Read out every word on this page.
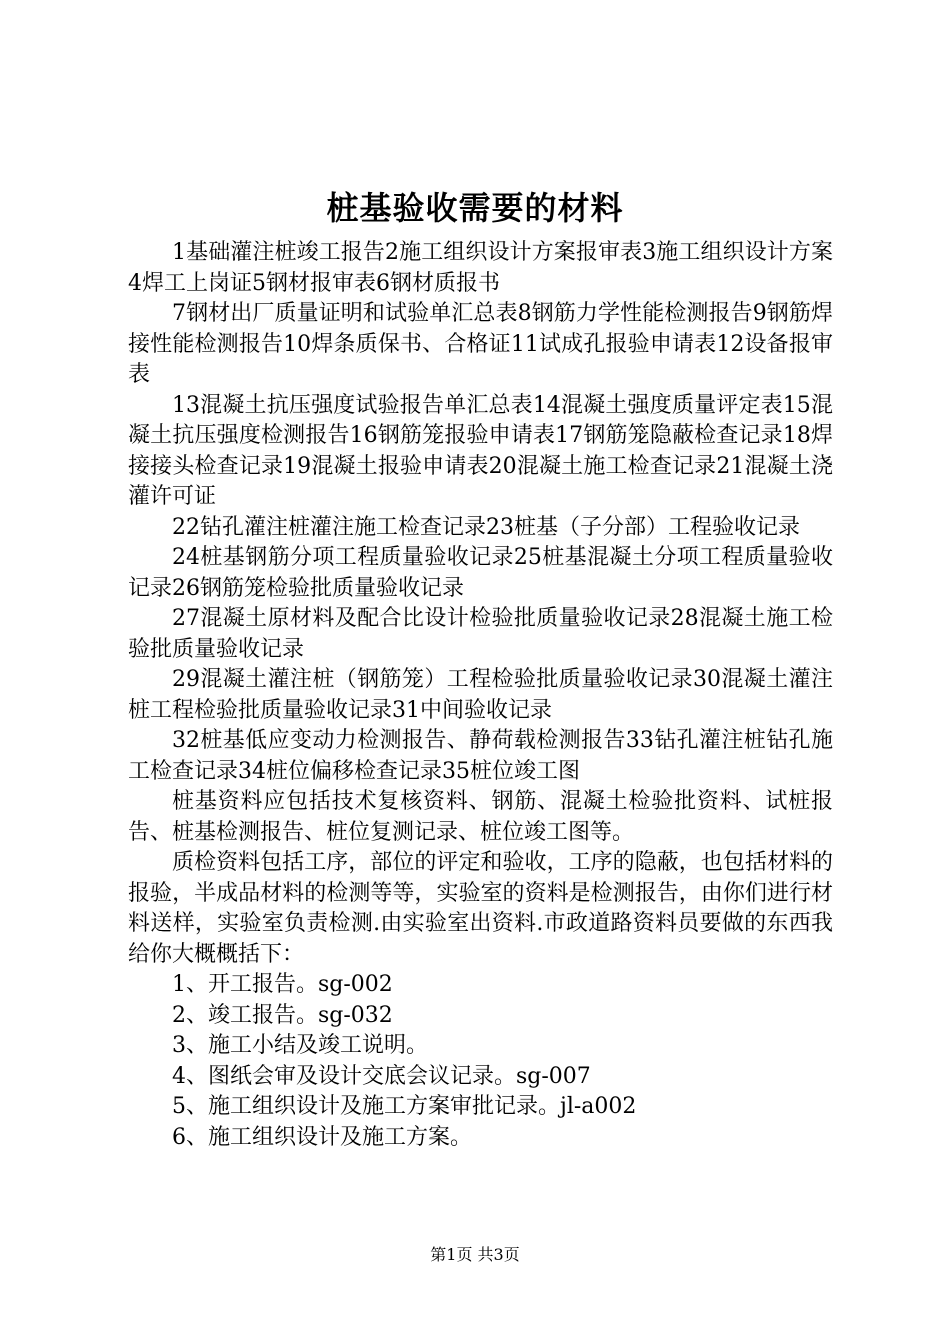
桩基验收需要的材料

1基础灌注桩竣工报告2施工组织设计方案报审表3施工组织设计方案4焊工上岗证5钢材报审表6钢材质报书

7钢材出厂质量证明和试验单汇总表8钢筋力学性能检测报告9钢筋焊接性能检测报告10焊条质保书、合格证11试成孔报验申请表12设备报审表

13混凝土抗压强度试验报告单汇总表14混凝土强度质量评定表15混凝土抗压强度检测报告16钢筋笼报验申请表17钢筋笼隐蔽检查记录18焊接接头检查记录19混凝土报验申请表20混凝土施工检查记录21混凝土浇灌许可证

22钻孔灌注桩灌注施工检查记录23桩基（子分部）工程验收记录

24桩基钢筋分项工程质量验收记录25桩基混凝土分项工程质量验收记录26钢筋笼检验批质量验收记录

27混凝土原材料及配合比设计检验批质量验收记录28混凝土施工检验批质量验收记录

29混凝土灌注桩（钢筋笼）工程检验批质量验收记录30混凝土灌注桩工程检验批质量验收记录31中间验收记录

32桩基低应变动力检测报告、静荷载检测报告33钻孔灌注桩钻孔施工检查记录34桩位偏移检查记录35桩位竣工图

桩基资料应包括技术复核资料、钢筋、混凝土检验批资料、试桩报告、桩基检测报告、桩位复测记录、桩位竣工图等。

质检资料包括工序，部位的评定和验收，工序的隐蔽，也包括材料的报验，半成品材料的检测等等，实验室的资料是检测报告，由你们进行材料送样，实验室负责检测.由实验室出资料.市政道路资料员要做的东西我给你大概概括下：

1、开工报告。sg-002

2、竣工报告。sg-032

3、施工小结及竣工说明。

4、图纸会审及设计交底会议记录。sg-007

5、施工组织设计及施工方案审批记录。jl-a002

6、施工组织设计及施工方案。

第1页 共3页
